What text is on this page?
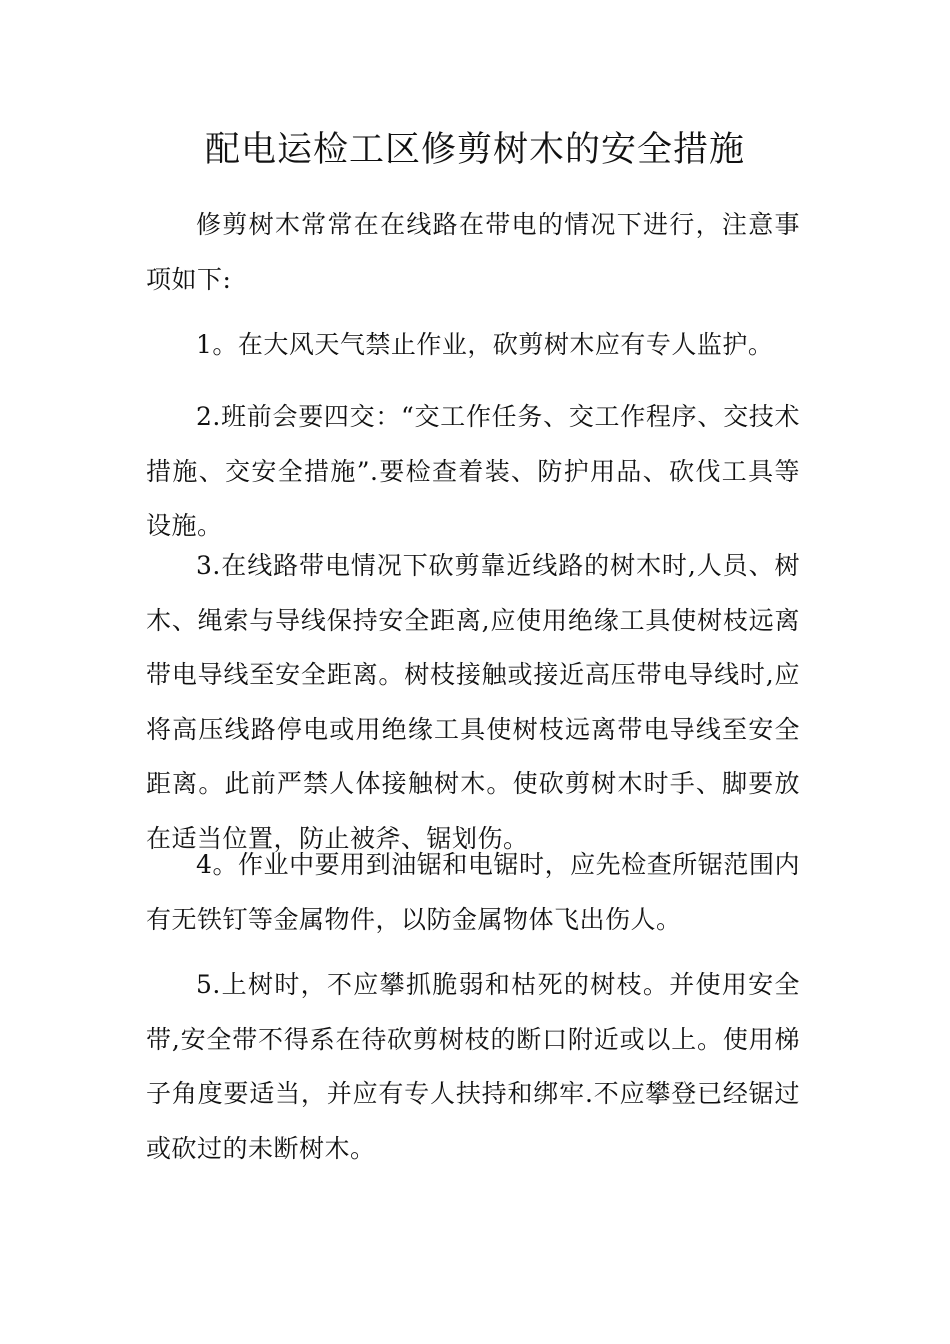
配电运检工区修剪树木的安全措施

修剪树木常常在在线路在带电的情况下进行，注意事项如下:

1。在大风天气禁止作业，砍剪树木应有专人监护。

2.班前会要四交：“交工作任务、交工作程序、交技术措施、交安全措施”.要检查着装、防护用品、砍伐工具等设施。

3.在线路带电情况下砍剪靠近线路的树木时,人员、树木、绳索与导线保持安全距离,应使用绝缘工具使树枝远离带电导线至安全距离。树枝接触或接近高压带电导线时,应将高压线路停电或用绝缘工具使树枝远离带电导线至安全距离。此前严禁人体接触树木。使砍剪树木时手、脚要放在适当位置，防止被斧、锯划伤。

4。作业中要用到油锯和电锯时，应先检查所锯范围内有无铁钉等金属物件，以防金属物体飞出伤人。

5.上树时，不应攀抓脆弱和枯死的树枝。并使用安全带,安全带不得系在待砍剪树枝的断口附近或以上。使用梯子角度要适当，并应有专人扶持和绑牢.不应攀登已经锯过或砍过的未断树木。
